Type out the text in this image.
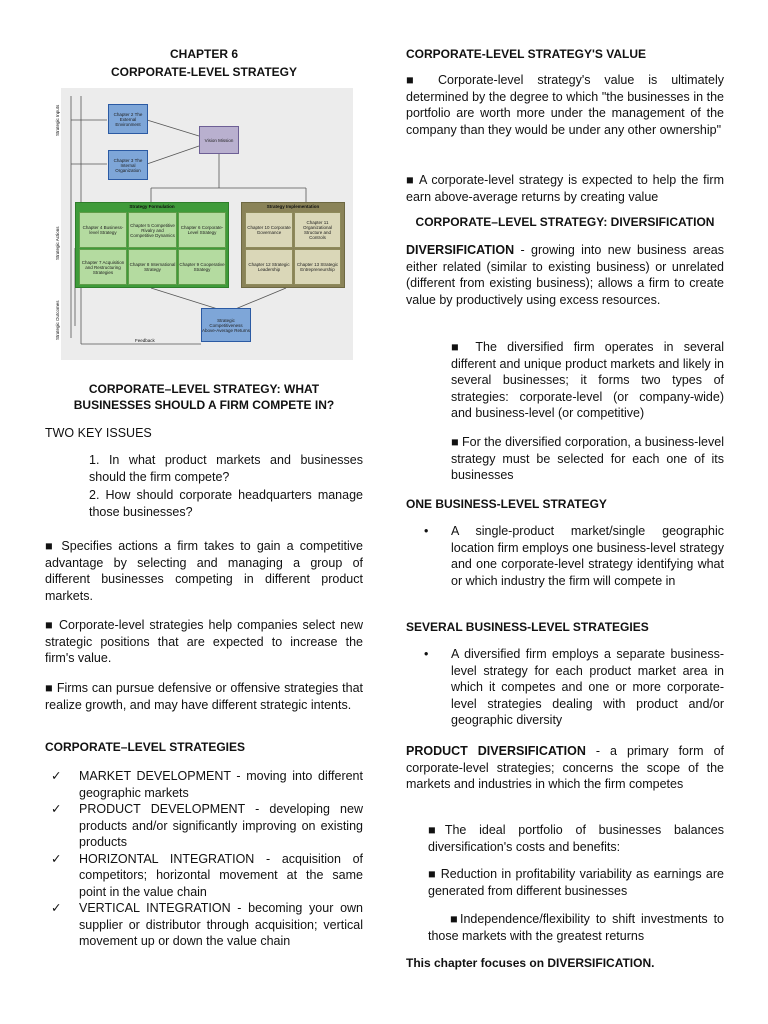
CHAPTER 6
CORPORATE-LEVEL STRATEGY
Strategic Inputs
Strategic Actions
Strategic Outcomes
Chapter 2 The External Environment
Chapter 3 The Internal Organization
Vision Mission
Strategy Formulation
Chapter 4 Business-level Strategy
Chapter 5 Competitive Rivalry and Competitive Dynamics
Chapter 6 Corporate-Level Strategy
Chapter 7 Acquisition and Restructuring Strategies
Chapter 8 International Strategy
Chapter 9 Cooperative Strategy
Strategy Implementation
Chapter 10 Corporate Governance
Chapter 11 Organizational Structure and Controls
Chapter 12 Strategic Leadership
Chapter 13 Strategic Entrepreneurship
Strategic Competitiveness Above-Average Returns
Feedback
CORPORATE–LEVEL STRATEGY: WHAT
BUSINESSES SHOULD A FIRM COMPETE IN?
TWO KEY ISSUES
1. In what product markets and businesses should the firm compete?
2. How should corporate headquarters manage those businesses?
■ Specifies actions a firm takes to gain a competitive advantage by selecting and managing a group of different businesses competing in different product markets.
■ Corporate-level strategies help companies select new strategic positions that are expected to increase the firm's value.
■ Firms can pursue defensive or offensive strategies that realize growth, and may have different strategic intents.
CORPORATE–LEVEL STRATEGIES
✓	MARKET DEVELOPMENT - moving into different geographic markets
✓	PRODUCT DEVELOPMENT - developing new products and/or significantly improving on existing products
✓	HORIZONTAL INTEGRATION - acquisition of competitors; horizontal movement at the same point in the value chain
✓	VERTICAL INTEGRATION - becoming your own supplier or distributor through acquisition; vertical movement up or down the value chain
CORPORATE-LEVEL STRATEGY'S VALUE
■ Corporate-level strategy's value is ultimately determined by the degree to which "the businesses in the portfolio are worth more under the management of the company than they would be under any other ownership"
■ A corporate-level strategy is expected to help the firm earn above-average returns by creating value
CORPORATE–LEVEL STRATEGY: DIVERSIFICATION
DIVERSIFICATION - growing into new business areas either related (similar to existing business) or unrelated (different from existing business); allows a firm to create value by productively using excess resources.
■ The diversified firm operates in several different and unique product markets and likely in several businesses; it forms two types of strategies: corporate-level (or company-wide) and business-level (or competitive)
■ For the diversified corporation, a business-level strategy must be selected for each one of its businesses
ONE BUSINESS-LEVEL STRATEGY
•	A single-product market/single geographic location firm employs one business-level strategy and one corporate-level strategy identifying what or which industry the firm will compete in
SEVERAL BUSINESS-LEVEL STRATEGIES
•	A diversified firm employs a separate business-level strategy for each product market area in which it competes and one or more corporate-level strategies dealing with product and/or geographic diversity
PRODUCT DIVERSIFICATION - a primary form of corporate-level strategies; concerns the scope of the markets and industries in which the firm competes
■The ideal portfolio of businesses balances diversification's costs and benefits:
■ Reduction in profitability variability as earnings are generated from different businesses
■Independence/flexibility to shift investments to those markets with the greatest returns
This chapter focuses on DIVERSIFICATION.
